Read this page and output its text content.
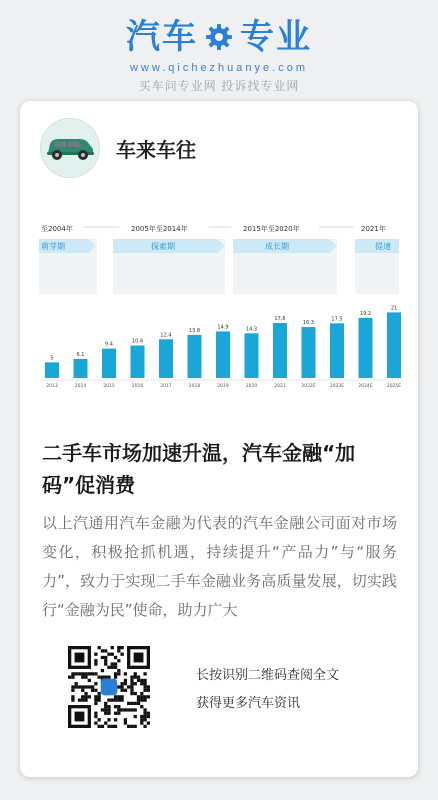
汽车 专业
www.qichezhuanye.com
买车问专业网 投诉找专业网
车来车往
至2004年	2005年至2014年	2015年至2020年	2021年
萌芽期	探索期	成长期	提速
5
6.1
9.4
10.4
12.4
13.8
14.9	14.3
17.6
16.3
17.5
19.2
21
2013	2014	2015	2016	2017	2018	2019	2020	2021	2022E	2023E	2024E	2025E
二手车市场加速升温，汽车金融“加码”促消费
以上汽通用汽车金融为代表的汽车金融公司面对市场变化，积极抢抓机遇，持续提升“产品力”与“服务力”，致力于实现二手车金融业务高质量发展，切实践行“金融为民”使命，助力广大
长按识别二维码查阅全文
获得更多汽车资讯
